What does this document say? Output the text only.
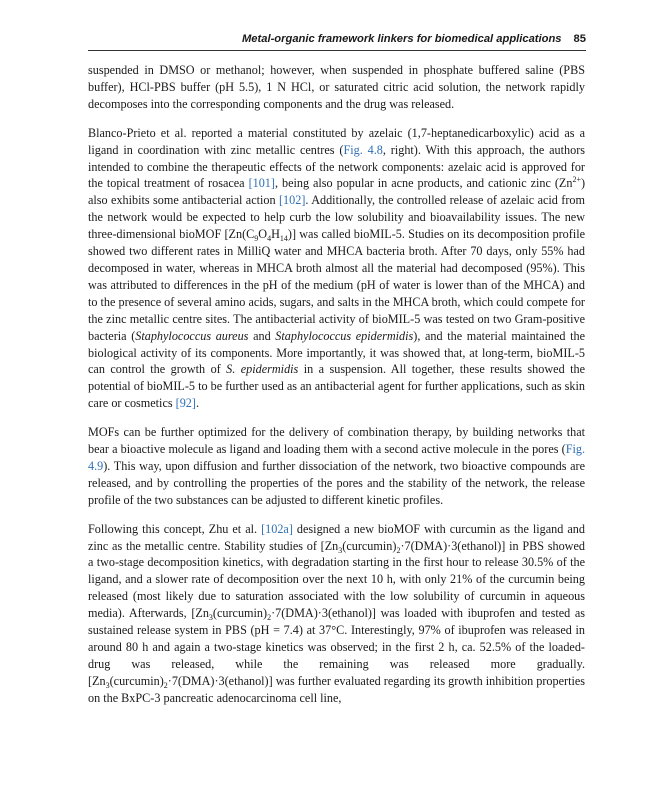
Metal-organic framework linkers for biomedical applications 85

suspended in DMSO or methanol; however, when suspended in phosphate buffered saline (PBS buffer), HCl-PBS buffer (pH 5.5), 1 N HCl, or saturated citric acid solution, the network rapidly decomposes into the corresponding components and the drug was released.

Blanco-Prieto et al. reported a material constituted by azelaic (1,7-heptanedicarboxylic) acid as a ligand in coordination with zinc metallic centres (Fig. 4.8, right). With this approach, the authors intended to combine the therapeutic effects of the network components: azelaic acid is approved for the topical treatment of rosacea [101], being also popular in acne products, and cationic zinc $(Zn^{2+})$ also exhibits some antibacterial action [102]. Additionally, the controlled release of azelaic acid from the network would be expected to help curb the low solubility and bioavailability issues. The new three-dimensional bioMOF $[Zn(C_9O_4H_{14})]$ was called bioMIL-5. Studies on its decomposition profile showed two different rates in MilliQ water and MHCA bacteria broth. After 70 days, only 55% had decomposed in water, whereas in MHCA broth almost all the material had decomposed (95%). This was attributed to differences in the pH of the medium (pH of water is lower than of the MHCA) and to the presence of several amino acids, sugars, and salts in the MHCA broth, which could compete for the zinc metallic centre sites. The antibacterial activity of bioMIL-5 was tested on two Gram-positive bacteria (Staphylococcus aureus and Staphylococcus epidermidis), and the material maintained the biological activity of its components. More importantly, it was showed that, at long-term, bioMIL-5 can control the growth of S. epidermidis in a suspension. All together, these results showed the potential of bioMIL-5 to be further used as an antibacterial agent for further applications, such as skin care or cosmetics [92].

MOFs can be further optimized for the delivery of combination therapy, by building networks that bear a bioactive molecule as ligand and loading them with a second active molecule in the pores (Fig. 4.9). This way, upon diffusion and further dissociation of the network, two bioactive compounds are released, and by controlling the properties of the pores and the stability of the network, the release profile of the two substances can be adjusted to different kinetic profiles.

Following this concept, Zhu et al. [102a] designed a new bioMOF with curcumin as the ligand and zinc as the metallic centre. Stability studies of $[Zn_3(curcumin)_2\cdot 7(DMA)\cdot 3(ethanol)]$ in PBS showed a two-stage decomposition kinetics, with degradation starting in the first hour to release 30.5% of the ligand, and a slower rate of decomposition over the next 10 h, with only 21% of the curcumin being released (most likely due to saturation associated with the low solubility of curcumin in aqueous media). Afterwards, $[Zn_3(curcumin)_2\cdot 7(DMA)\cdot 3(ethanol)]$ was loaded with ibuprofen and tested as sustained release system in PBS (pH = 7.4) at 37°C. Interestingly, 97% of ibuprofen was released in around 80 h and again a two-stage kinetics was observed; in the first 2 h, ca. 52.5% of the loaded-drug was released, while the remaining was released more gradually. $[Zn_3(curcumin)_2\cdot 7(DMA)\cdot 3(ethanol)]$ was further evaluated regarding its growth inhibition properties on the BxPC-3 pancreatic adenocarcinoma cell line,
